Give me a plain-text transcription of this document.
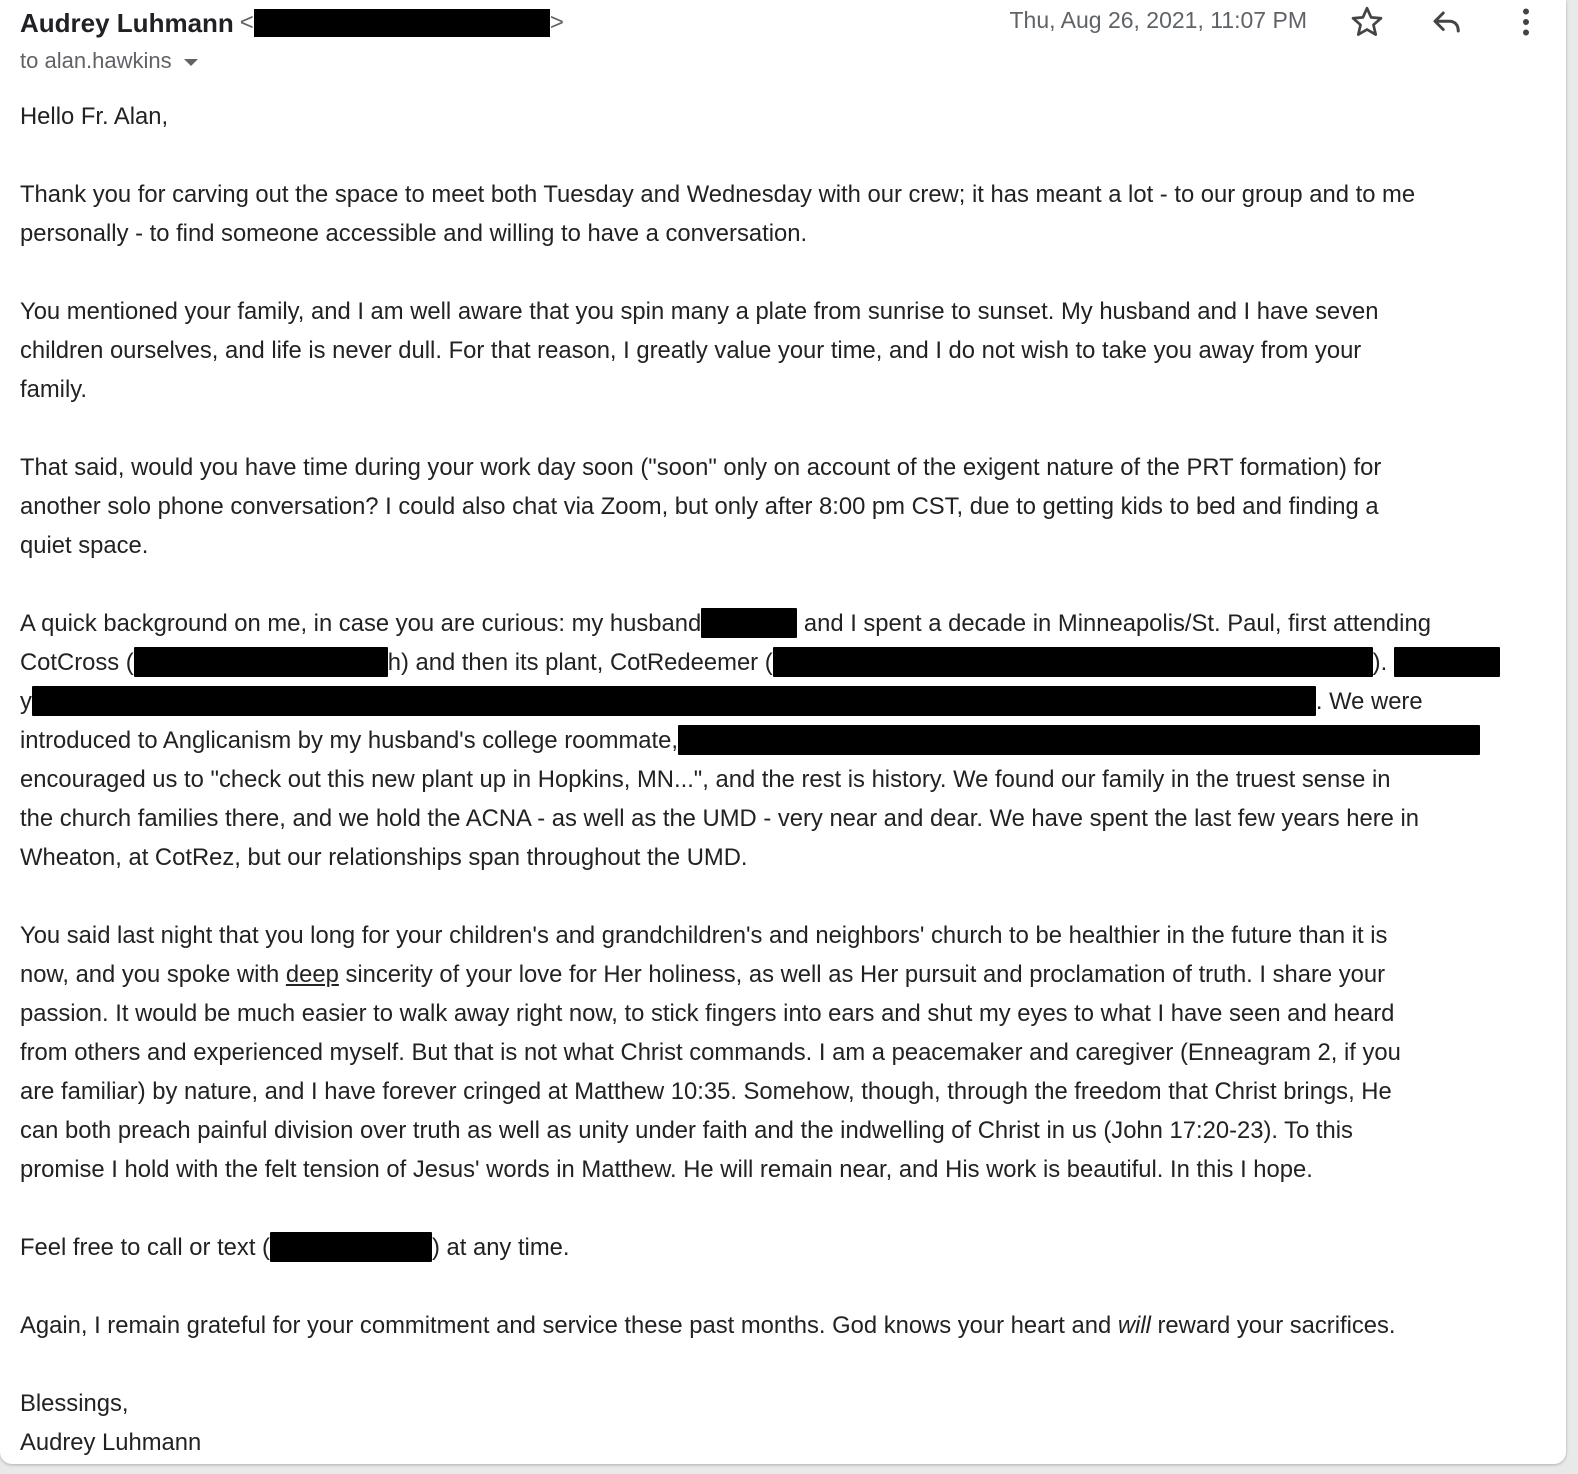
Audrey Luhmann <	>
to alan.hawkins
Thu, Aug 26, 2021, 11:07 PM

Hello Fr. Alan,

Thank you for carving out the space to meet both Tuesday and Wednesday with our crew; it has meant a lot - to our group and to me
personally - to find someone accessible and willing to have a conversation.

You mentioned your family, and I am well aware that you spin many a plate from sunrise to sunset. My husband and I have seven
children ourselves, and life is never dull. For that reason, I greatly value your time, and I do not wish to take you away from your
family.

That said, would you have time during your work day soon ("soon" only on account of the exigent nature of the PRT formation) for
another solo phone conversation? I could also chat via Zoom, but only after 8:00 pm CST, due to getting kids to bed and finding a
quiet space.

A quick background on me, in case you are curious: my husband	and I spent a decade in Minneapolis/St. Paul, first attending
CotCross (	h) and then its plant, CotRedeemer (	).
y	. We were
introduced to Anglicanism by my husband's college roommate,
encouraged us to "check out this new plant up in Hopkins, MN...", and the rest is history. We found our family in the truest sense in
the church families there, and we hold the ACNA - as well as the UMD - very near and dear. We have spent the last few years here in
Wheaton, at CotRez, but our relationships span throughout the UMD.

You said last night that you long for your children's and grandchildren's and neighbors' church to be healthier in the future than it is
now, and you spoke with deep sincerity of your love for Her holiness, as well as Her pursuit and proclamation of truth. I share your
passion. It would be much easier to walk away right now, to stick fingers into ears and shut my eyes to what I have seen and heard
from others and experienced myself. But that is not what Christ commands. I am a peacemaker and caregiver (Enneagram 2, if you
are familiar) by nature, and I have forever cringed at Matthew 10:35. Somehow, though, through the freedom that Christ brings, He
can both preach painful division over truth as well as unity under faith and the indwelling of Christ in us (John 17:20-23). To this
promise I hold with the felt tension of Jesus' words in Matthew. He will remain near, and His work is beautiful. In this I hope.

Feel free to call or text (	) at any time.

Again, I remain grateful for your commitment and service these past months. God knows your heart and will reward your sacrifices.

Blessings,
Audrey Luhmann
